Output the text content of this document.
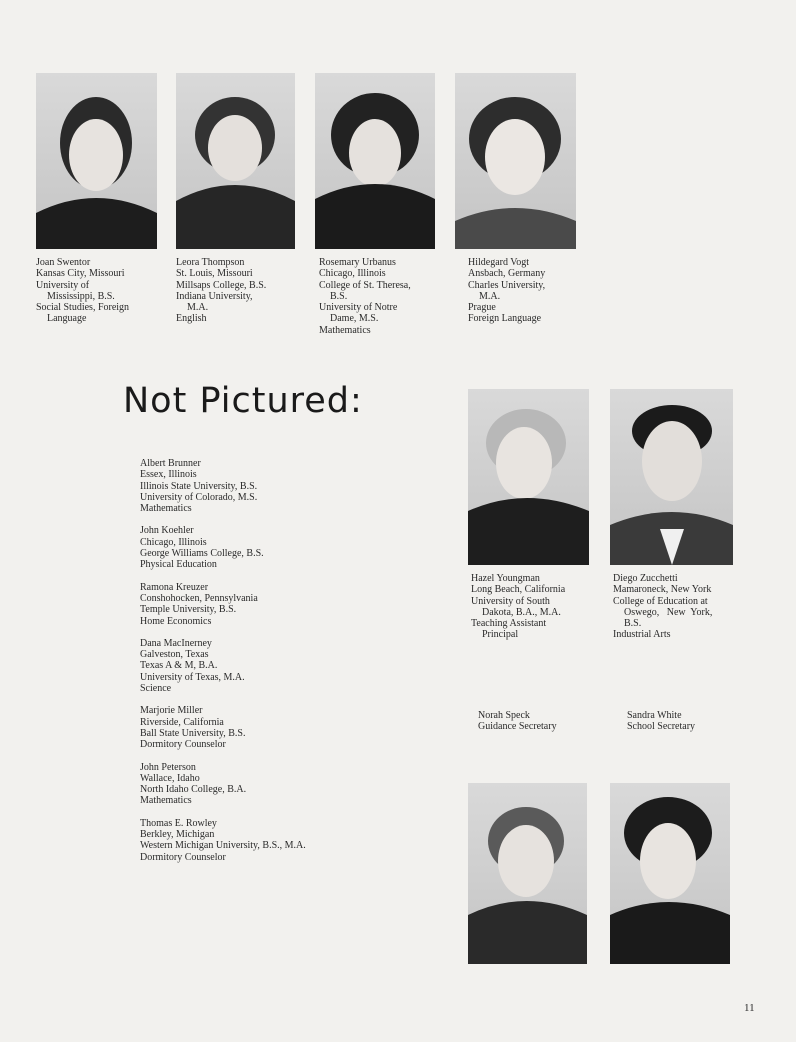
Joan Swentor
Kansas City, Missouri
University of
Mississippi, B.S.
Social Studies, Foreign
Language
Leora Thompson
St. Louis, Missouri
Millsaps College, B.S.
Indiana University,
M.A.
English
Rosemary Urbanus
Chicago, Illinois
College of St. Theresa,
B.S.
University of Notre
Dame, M.S.
Mathematics
Hildegard Vogt
Ansbach, Germany
Charles University,
M.A.
Prague
Foreign Language
Not Pictured:
Albert Brunner
Essex, Illinois
Illinois State University, B.S.
University of Colorado, M.S.
Mathematics
John Koehler
Chicago, Illinois
George Williams College, B.S.
Physical Education
Ramona Kreuzer
Conshohocken, Pennsylvania
Temple University, B.S.
Home Economics
Dana MacInerney
Galveston, Texas
Texas A & M, B.A.
University of Texas, M.A.
Science
Marjorie Miller
Riverside, California
Ball State University, B.S.
Dormitory Counselor
John Peterson
Wallace, Idaho
North Idaho College, B.A.
Mathematics
Thomas E. Rowley
Berkley, Michigan
Western Michigan University, B.S., M.A.
Dormitory Counselor
Hazel Youngman
Long Beach, California
University of South
Dakota, B.A., M.A.
Teaching Assistant
Principal
Diego Zucchetti
Mamaroneck, New York
College of Education at
Oswego,   New  York,
B.S.
Industrial Arts
Norah Speck
Guidance Secretary
Sandra White
School Secretary
11
